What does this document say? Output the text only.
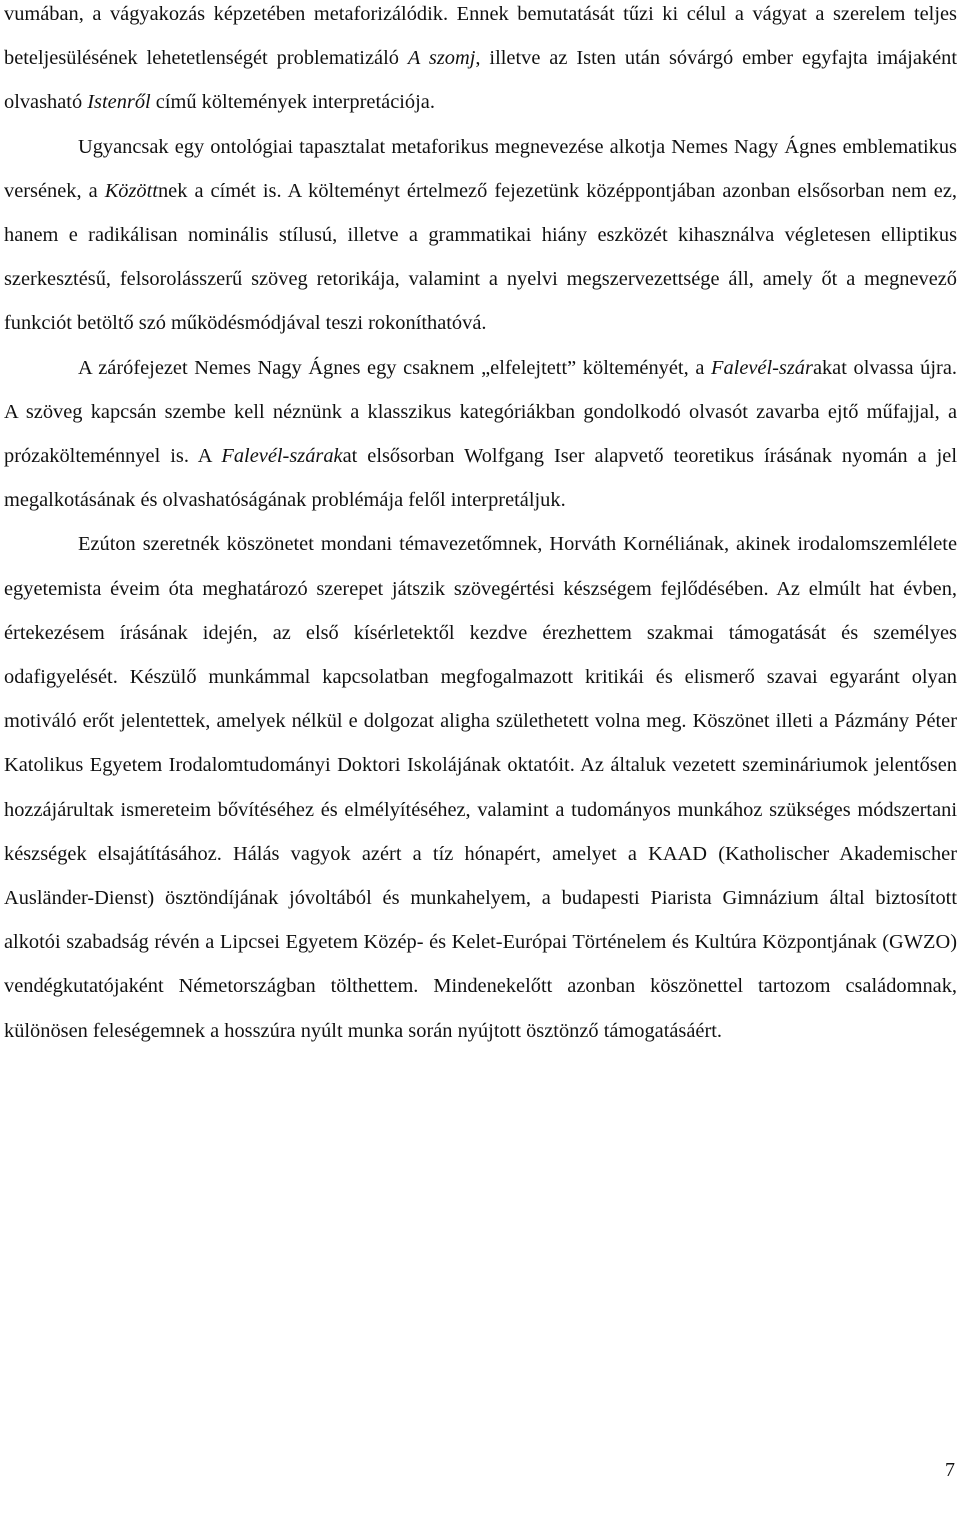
vumában, a vágyakozás képzetében metaforizálódik. Ennek bemutatását tűzi ki célul a vágyat a szerelem teljes beteljesülésének lehetetlenségét problematizáló A szomj, illetve az Isten után sóvárgó ember egyfajta imájaként olvasható Istenről című költemények interpretációja.

Ugyancsak egy ontológiai tapasztalat metaforikus megnevezése alkotja Nemes Nagy Ágnes emblematikus versének, a Közöttnek a címét is. A költeményt értelmező fejezetünk középpontjában azonban elsősorban nem ez, hanem e radikálisan nominális stílusú, illetve a grammatikai hiány eszközét kihasználva végletesen elliptikus szerkesztésű, felsorolásszerű szöveg retorikája, valamint a nyelvi megszervezettsége áll, amely őt a megnevező funkciót betöltő szó működésmódjával teszi rokoníthatóvá.

A zárófejezet Nemes Nagy Ágnes egy csaknem „elfelejtett” költeményét, a Falevél-szárakat olvassa újra. A szöveg kapcsán szembe kell néznünk a klasszikus kategóriákban gondolkodó olvasót zavarba ejtő műfajjal, a prózakölteménnyel is. A Falevél-szárakat elsősorban Wolfgang Iser alapvető teoretikus írásának nyomán a jel megalkotásának és olvashatóságának problémája felől interpretáljuk.

Ezúton szeretnék köszönetet mondani témavezetőmnek, Horváth Kornéliának, akinek irodalomszemlélete egyetemista éveim óta meghatározó szerepet játszik szövegértési készségem fejlődésében. Az elmúlt hat évben, értekezésem írásának idején, az első kísérletektől kezdve érezhettem szakmai támogatását és személyes odafigyelését. Készülő munkámmal kapcsolatban megfogalmazott kritikái és elismerő szavai egyaránt olyan motiváló erőt jelentettek, amelyek nélkül e dolgozat aligha születhetett volna meg. Köszönet illeti a Pázmány Péter Katolikus Egyetem Irodalomtudományi Doktori Iskolájának oktatóit. Az általuk vezetett szemináriumok jelentősen hozzájárultak ismereteim bővítéséhez és elmélyítéséhez, valamint a tudományos munkához szükséges módszertani készségek elsajátításához. Hálás vagyok azért a tíz hónapért, amelyet a KAAD (Katholischer Akademischer Ausländer-Dienst) ösztöndíjának jóvoltából és munkahelyem, a budapesti Piarista Gimnázium által biztosított alkotói szabadság révén a Lipcsei Egyetem Közép- és Kelet-Európai Történelem és Kultúra Központjának (GWZO) vendégkutatójaként Németországban tölthettem. Mindenekelőtt azonban köszönettel tartozom családomnak, különösen feleségemnek a hosszúra nyúlt munka során nyújtott ösztönző támogatásáért.

7
